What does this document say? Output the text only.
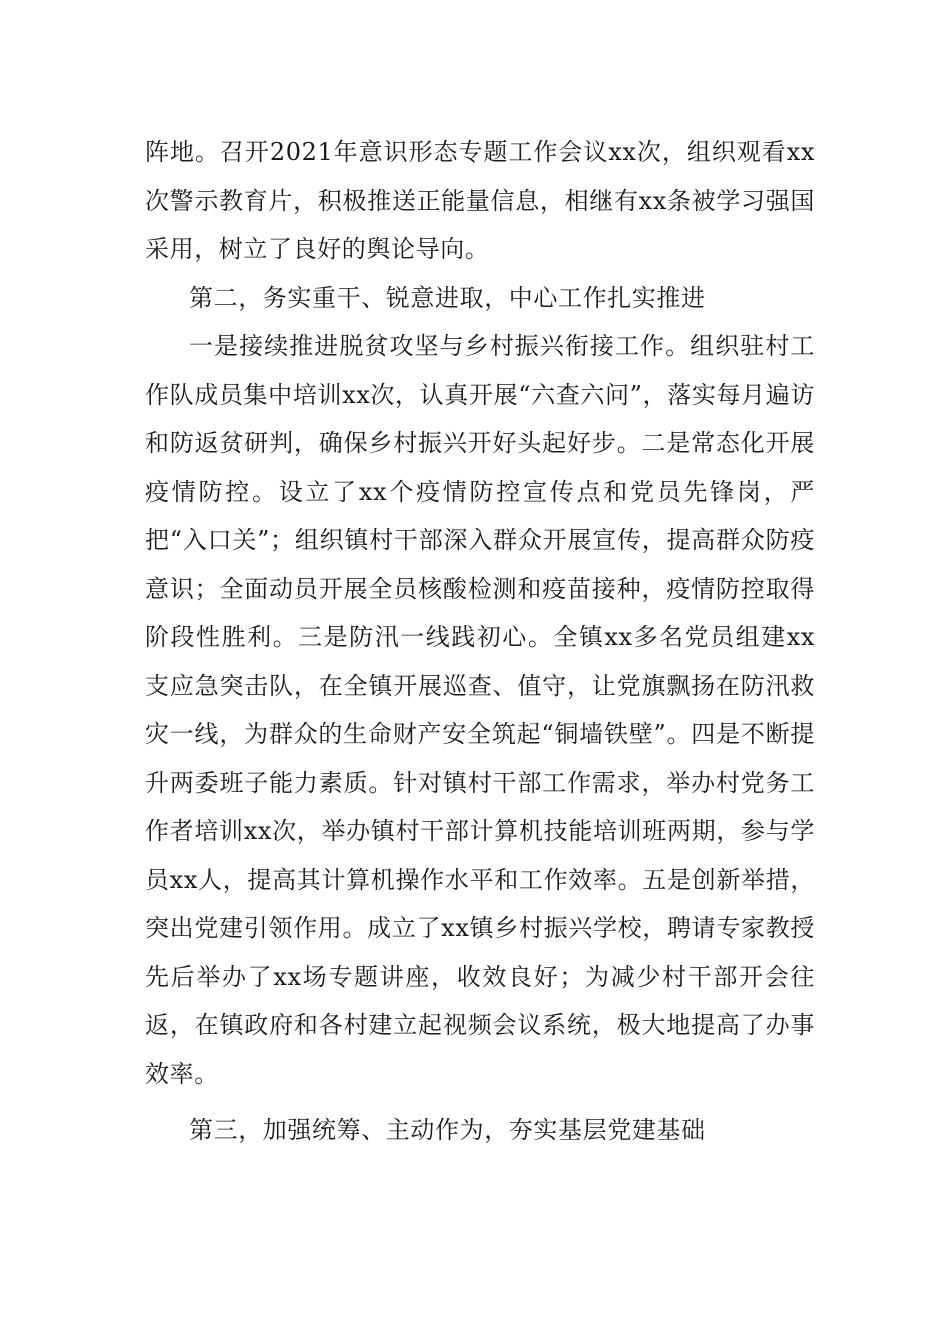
阵地。召开2021年意识形态专题工作会议xx次，组织观看xx次警示教育片，积极推送正能量信息，相继有xx条被学习强国采用，树立了良好的舆论导向。

第二，务实重干、锐意进取，中心工作扎实推进

一是接续推进脱贫攻坚与乡村振兴衔接工作。组织驻村工作队成员集中培训xx次，认真开展“六查六问”，落实每月遍访和防返贫研判，确保乡村振兴开好头起好步。二是常态化开展疫情防控。设立了xx个疫情防控宣传点和党员先锋岗，严把“入口关”；组织镇村干部深入群众开展宣传，提高群众防疫意识；全面动员开展全员核酸检测和疫苗接种，疫情防控取得阶段性胜利。三是防汛一线践初心。全镇xx多名党员组建xx支应急突击队，在全镇开展巡查、值守，让党旗飘扬在防汛救灾一线，为群众的生命财产安全筑起“铜墙铁壁”。四是不断提升两委班子能力素质。针对镇村干部工作需求，举办村党务工作者培训xx次，举办镇村干部计算机技能培训班两期，参与学员xx人，提高其计算机操作水平和工作效率。五是创新举措，突出党建引领作用。成立了xx镇乡村振兴学校，聘请专家教授先后举办了xx场专题讲座，收效良好；为减少村干部开会往返，在镇政府和各村建立起视频会议系统，极大地提高了办事效率。

第三，加强统筹、主动作为，夯实基层党建基础
